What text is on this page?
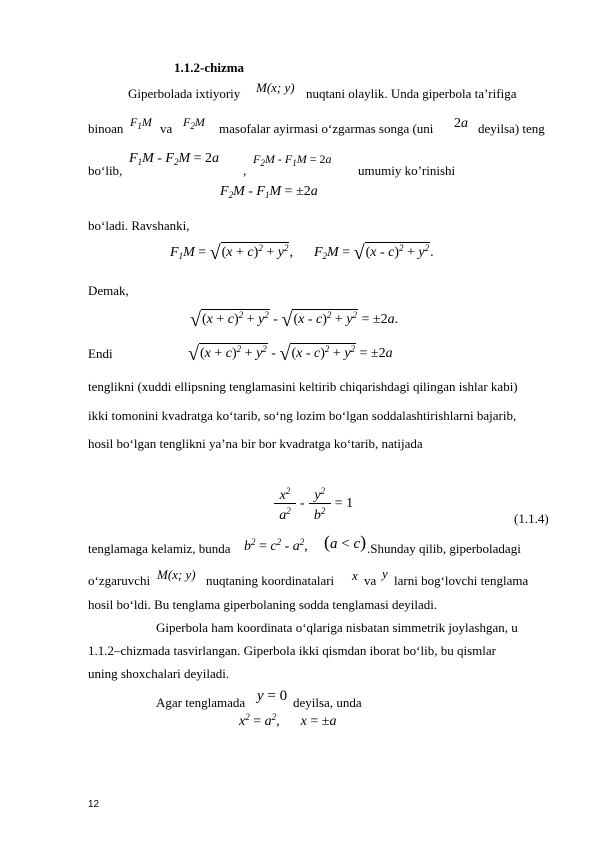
1.1.2-chizma
Giperbolada ixtiyoriy M(x; y) nuqtani olaylik. Unda giperbola ta’rifiga
binoan $F_1M$ va $F_2M$ masofalar ayirmasi o‘zgarmas songa (uni 2a deyilsa) teng
bo‘lib,
$F_1M - F_2M = 2a$
,
$F_2M - F_1M = 2a$
umumiy ko’rinishi
$F_2M - F_1M = \pm 2a$
bo‘ladi. Ravshanki,
$F_1M = √(x + c)^2 + y^2$,      $F_2M = √(x - c)^2 + y^2$.
Demak,
$√(x + c)^2 + y^2 - √(x - c)^2 + y^2 = \pm 2a$.
Endi	$√(x + c)^2 + y^2 - √(x - c)^2 + y^2 = \pm 2a$
tenglikni (xuddi ellipsning tenglamasini keltirib chiqarishdagi qilingan ishlar kabi)
ikki tomonini kvadratga ko‘tarib, so‘ng lozim bo‘lgan soddalashtirishlarni bajarib,
hosil bo‘lgan tenglikni ya’na bir bor kvadratga ko‘tarib, natijada
$x^2$
$a^2$
- $y^2$
$b^2$
= 1
(1.1.4)
tenglamaga kelamiz, bunda $b^2 = c^2 - a^2$, (a < c) .Shunday qilib, giperboladagi
o‘zgaruvchi M(x; y) nuqtaning koordinatalari x va y larni bog‘lovchi tenglama
hosil bo‘ldi. Bu tenglama giperbolaning sodda tenglamasi deyiladi.
Giperbola ham koordinata o‘qlariga nisbatan simmetrik joylashgan, u
1.1.2–chizmada tasvirlangan. Giperbola ikki qismdan iborat bo‘lib, bu qismlar
uning shoxchalari deyiladi.
Agar tenglamada y = 0 deyilsa, unda
$x^2 = a^2$,      x = ±a
12
